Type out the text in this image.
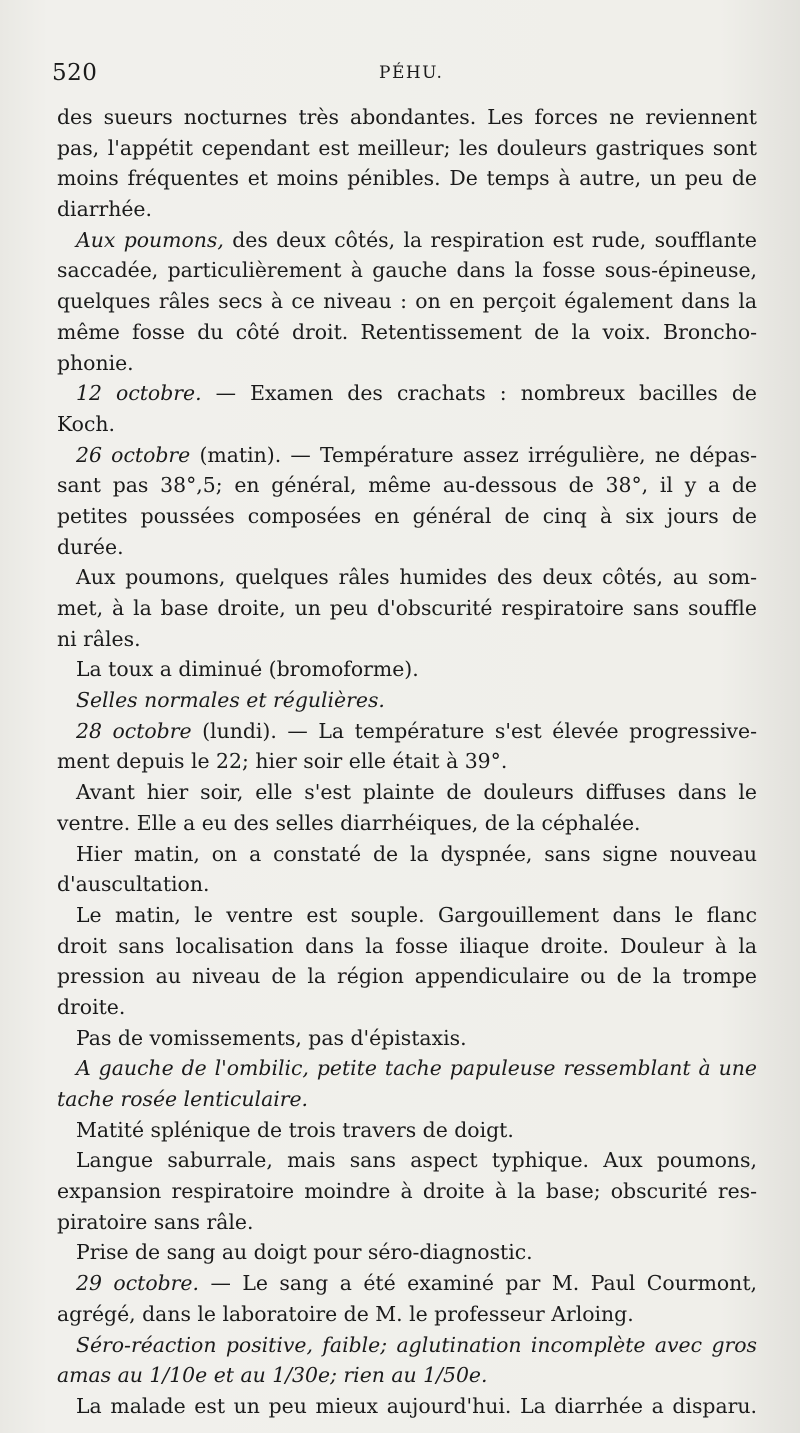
520	PÉHU.
des sueurs nocturnes très abondantes. Les forces ne reviennent
pas, l'appétit cependant est meilleur; les douleurs gastriques sont
moins fréquentes et moins pénibles. De temps à autre, un peu de
diarrhée.
Aux poumons, des deux côtés, la respiration est rude, soufflante
saccadée, particulièrement à gauche dans la fosse sous-épineuse,
quelques râles secs à ce niveau : on en perçoit également dans la
même fosse du côté droit. Retentissement de la voix. Broncho-
phonie.
12 octobre. — Examen des crachats : nombreux bacilles de
Koch.
26 octobre (matin). — Température assez irrégulière, ne dépas-
sant pas 38°,5; en général, même au-dessous de 38°, il y a de
petites poussées composées en général de cinq à six jours de
durée.
Aux poumons, quelques râles humides des deux côtés, au som-
met, à la base droite, un peu d'obscurité respiratoire sans souffle
ni râles.
La toux a diminué (bromoforme).
Selles normales et régulières.
28 octobre (lundi). — La température s'est élevée progressive-
ment depuis le 22; hier soir elle était à 39°.
Avant hier soir, elle s'est plainte de douleurs diffuses dans le
ventre. Elle a eu des selles diarrhéiques, de la céphalée.
Hier matin, on a constaté de la dyspnée, sans signe nouveau
d'auscultation.
Le matin, le ventre est souple. Gargouillement dans le flanc
droit sans localisation dans la fosse iliaque droite. Douleur à la
pression au niveau de la région appendiculaire ou de la trompe
droite.
Pas de vomissements, pas d'épistaxis.
A gauche de l'ombilic, petite tache papuleuse ressemblant à une
tache rosée lenticulaire.
Matité splénique de trois travers de doigt.
Langue saburrale, mais sans aspect typhique. Aux poumons,
expansion respiratoire moindre à droite à la base; obscurité res-
piratoire sans râle.
Prise de sang au doigt pour séro-diagnostic.
29 octobre. — Le sang a été examiné par M. Paul Courmont,
agrégé, dans le laboratoire de M. le professeur Arloing.
Séro-réaction positive, faible; aglutination incomplète avec gros
amas au 1/10e et au 1/30e; rien au 1/50e.
La malade est un peu mieux aujourd'hui. La diarrhée a disparu.
